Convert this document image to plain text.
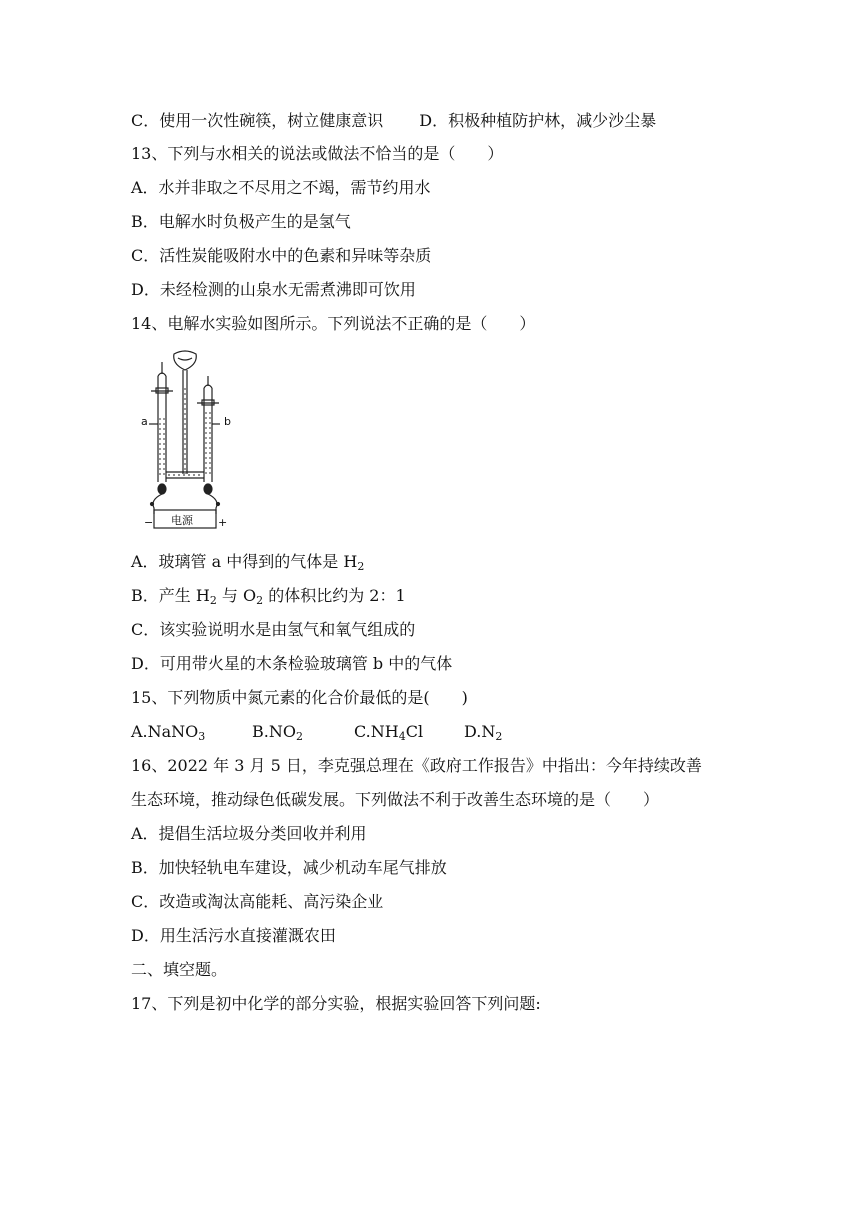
C．使用一次性碗筷，树立健康意识 D．积极种植防护林，减少沙尘暴
13、下列与水相关的说法或做法不恰当的是（　　）
A．水并非取之不尽用之不竭，需节约用水
B．电解水时负极产生的是氢气
C．活性炭能吸附水中的色素和异味等杂质
D．未经检测的山泉水无需煮沸即可饮用
14、电解水实验如图所示。下列说法不正确的是（　　）
a	b
电源
−	+
A．玻璃管 a 中得到的气体是 $H_2$
B．产生 $H_2$ 与 $O_2$ 的体积比约为 2：1
C．该实验说明水是由氢气和氧气组成的
D．可用带火星的木条检验玻璃管 b 中的气体
15、下列物质中氮元素的化合价最低的是(　　)
A.NaNO$_3$	$B.NO_2$	$C.NH_4Cl$	$D.N_2$
16、2022 年 3 月 5 日，李克强总理在《政府工作报告》中指出：今年持续改善
生态环境，推动绿色低碳发展。下列做法不利于改善生态环境的是（　　）
A．提倡生活垃圾分类回收并利用
B．加快轻轨电车建设，减少机动车尾气排放
C．改造或淘汰高能耗、高污染企业
D．用生活污水直接灌溉农田
二、填空题。
17、下列是初中化学的部分实验，根据实验回答下列问题:
